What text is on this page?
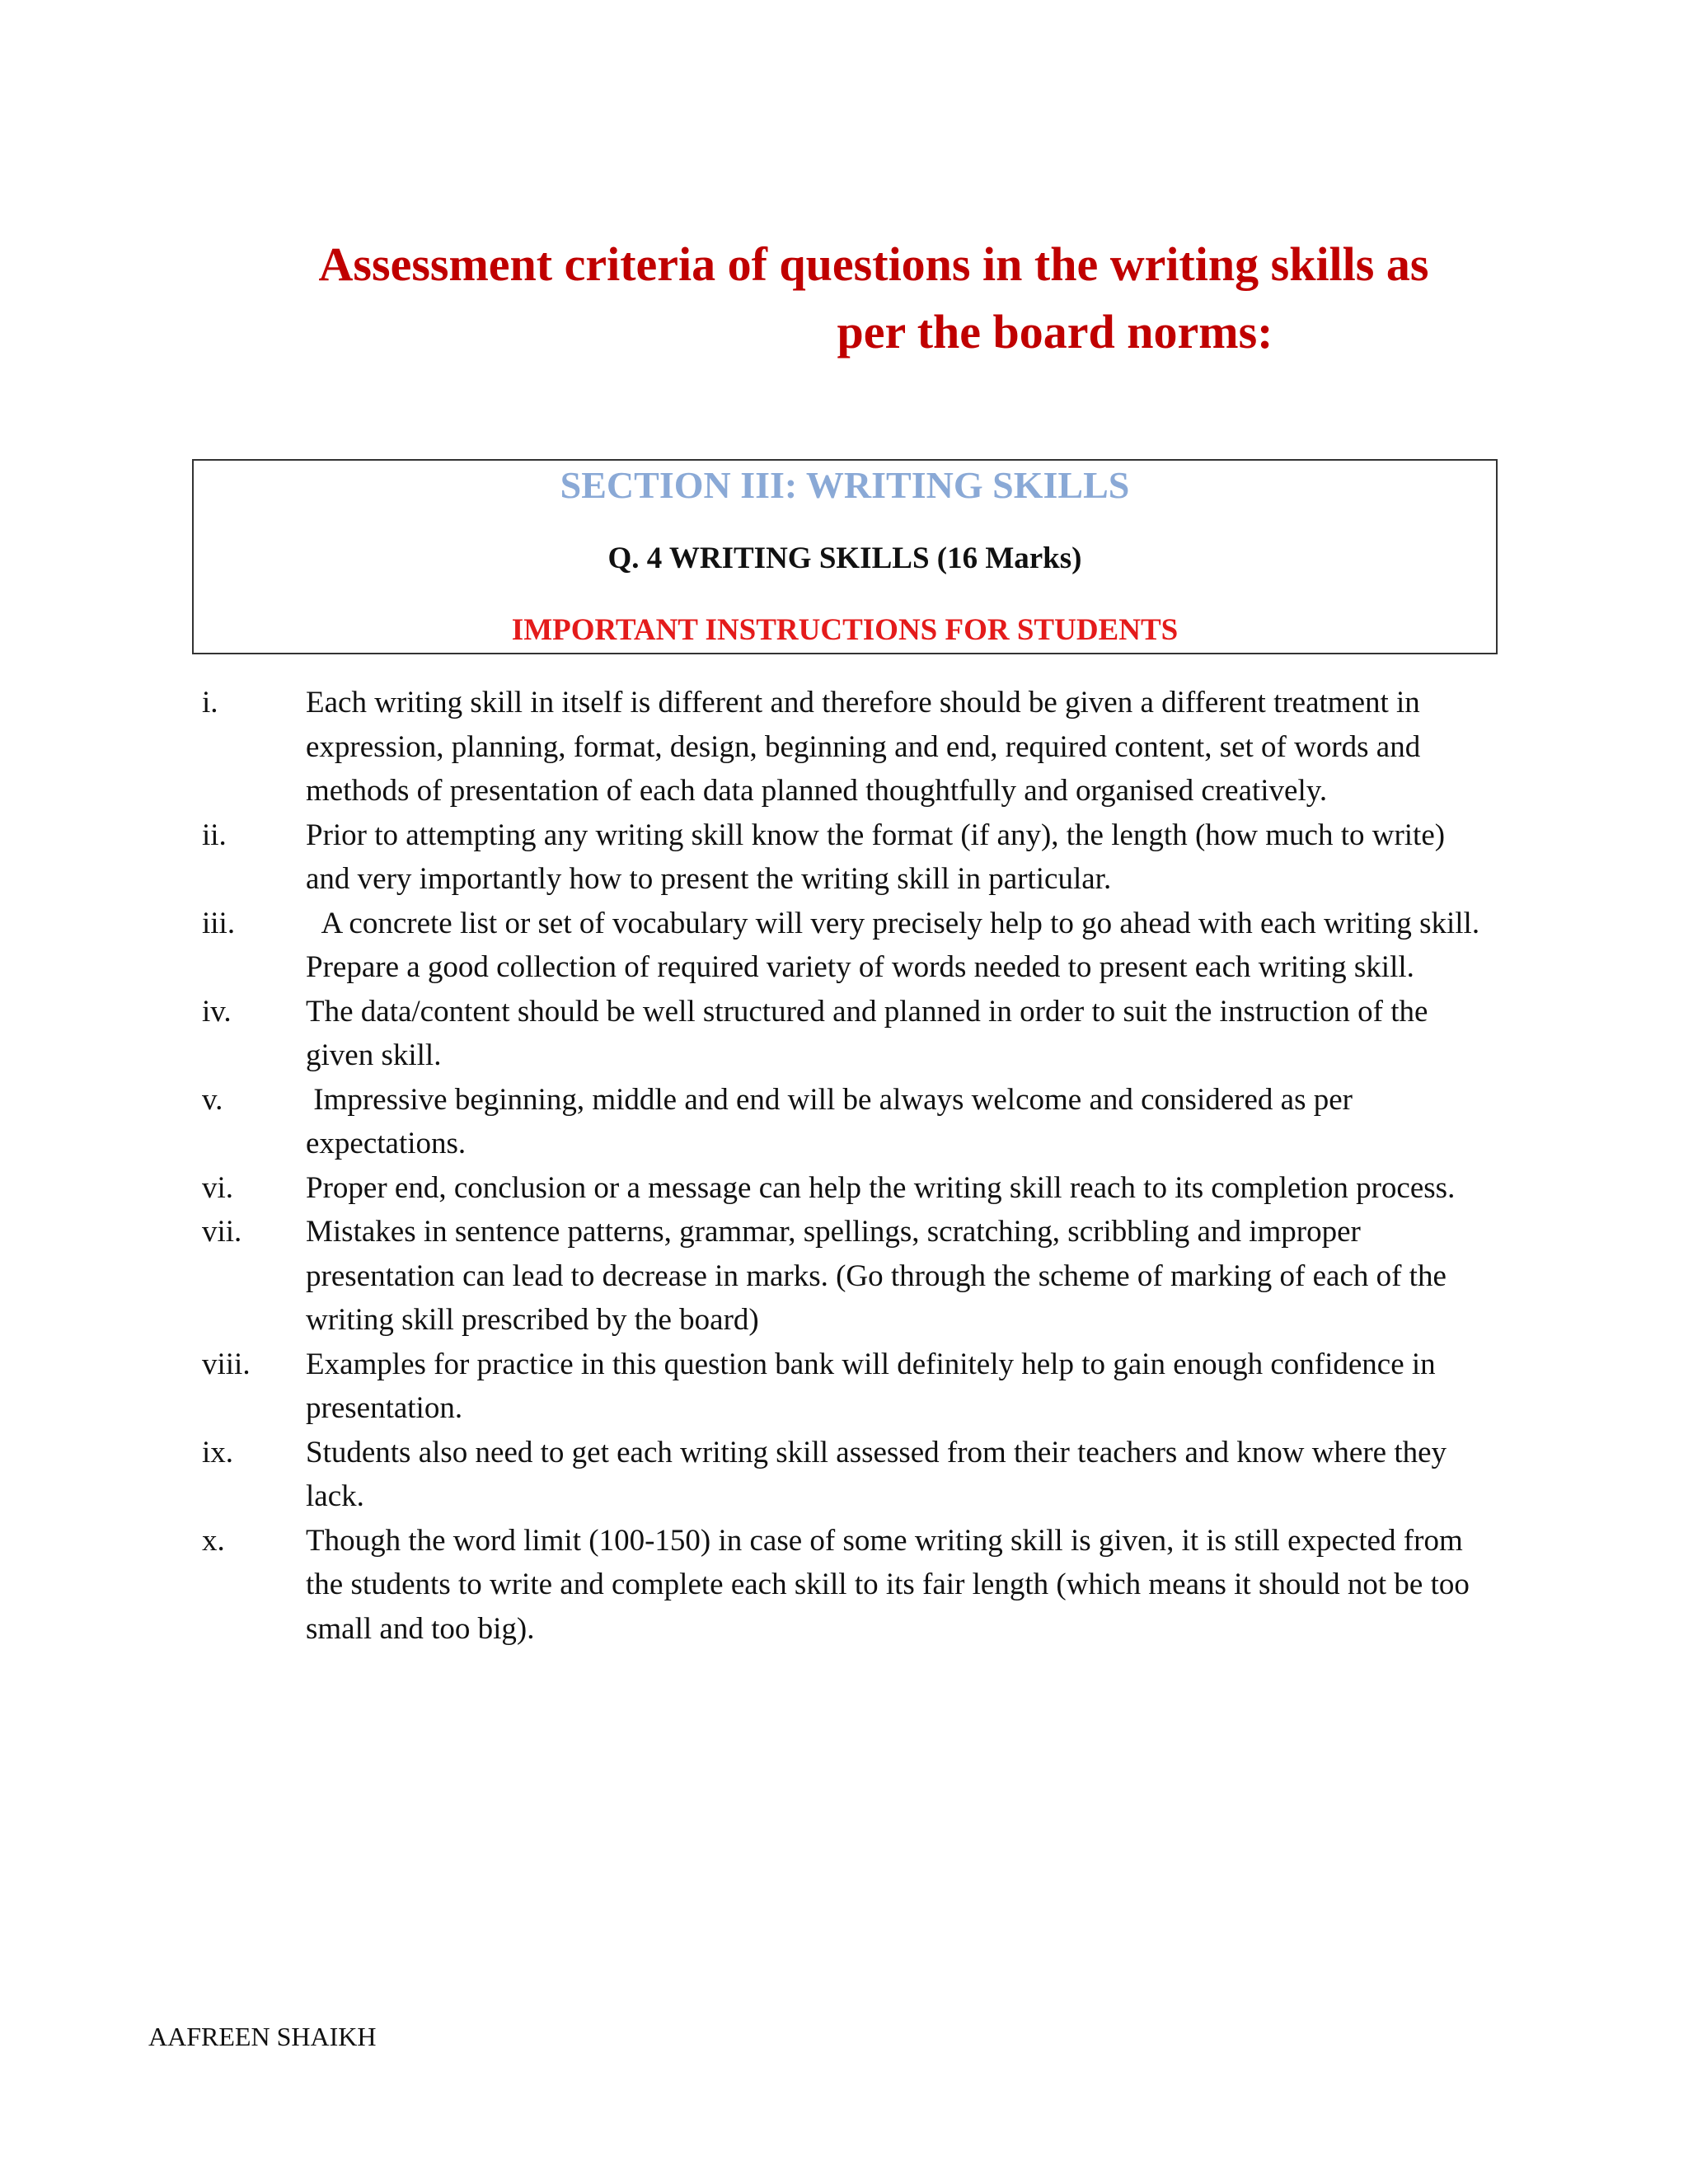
Assessment criteria of questions in the writing skills as
per the board norms:
SECTION III: WRITING SKILLS
Q. 4 WRITING SKILLS (16 Marks)
IMPORTANT INSTRUCTIONS FOR STUDENTS
i.	Each writing skill in itself is different and therefore should be given a different treatment in expression, planning, format, design, beginning and end, required content, set of words and methods of presentation of each data planned thoughtfully and organised creatively.
ii.	Prior to attempting any writing skill know the format (if any), the length (how much to write) and very importantly how to present the writing skill in particular.
iii. A concrete list or set of vocabulary will very precisely help to go ahead with each writing skill. Prepare a good collection of required variety of words needed to present each writing skill.
iv. The data/content should be well structured and planned in order to suit the instruction of the given skill.
v.	Impressive beginning, middle and end will be always welcome and considered as per expectations.
vi. Proper end, conclusion or a message can help the writing skill reach to its completion process.
vii. Mistakes in sentence patterns, grammar, spellings, scratching, scribbling and improper presentation can lead to decrease in marks. (Go through the scheme of marking of each of the writing skill prescribed by the board)
viii. Examples for practice in this question bank will definitely help to gain enough confidence in presentation.
ix. Students also need to get each writing skill assessed from their teachers and know where they lack.
x.	Though the word limit (100-150) in case of some writing skill is given, it is still expected from the students to write and complete each skill to its fair length (which means it should not be too small and too big).
AAFREEN SHAIKH
